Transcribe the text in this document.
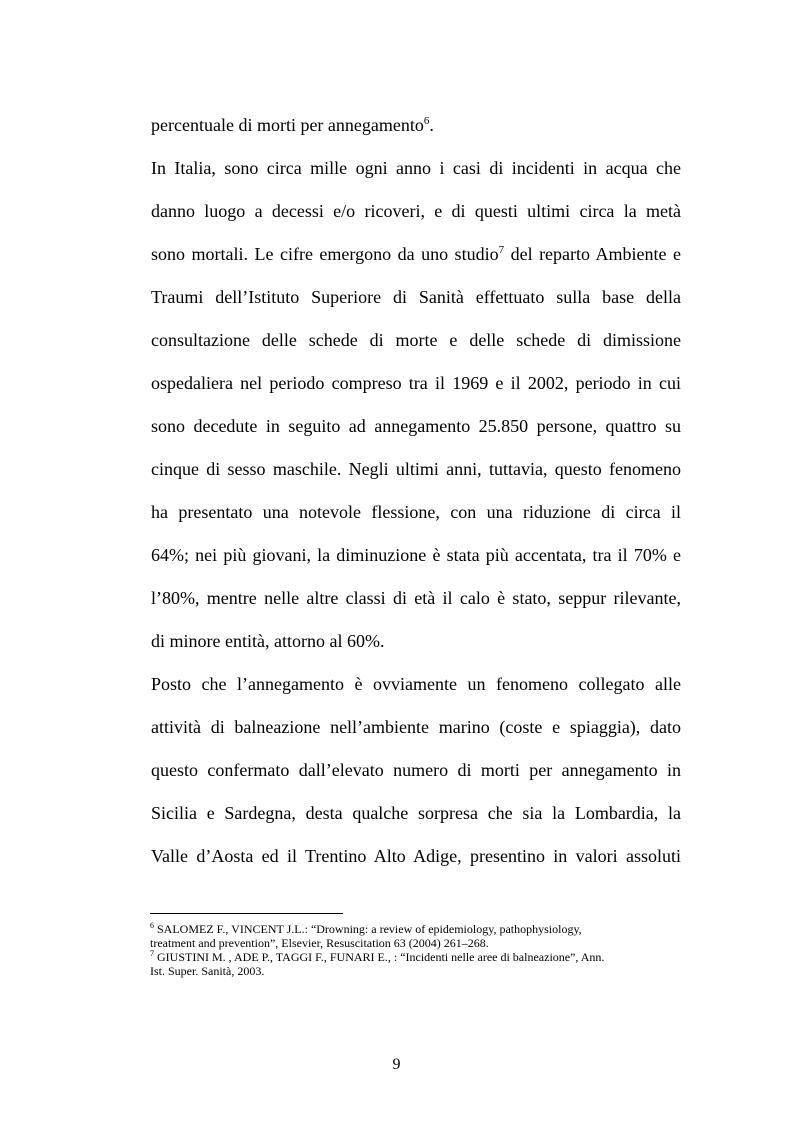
percentuale di morti per annegamento$^6$.
In Italia, sono circa mille ogni anno i casi di incidenti in acqua che
danno luogo a decessi e/o ricoveri, e di questi ultimi circa la metà
sono mortali. Le cifre emergono da uno studio$^7$ del reparto Ambiente e
Traumi dell’Istituto Superiore di Sanità effettuato sulla base della
consultazione delle schede di morte e delle schede di dimissione
ospedaliera nel periodo compreso tra il 1969 e il 2002, periodo in cui
sono decedute in seguito ad annegamento 25.850 persone, quattro su
cinque di sesso maschile. Negli ultimi anni, tuttavia, questo fenomeno
ha presentato una notevole flessione, con una riduzione di circa il
64%; nei più giovani, la diminuzione è stata più accentata, tra il 70% e
l’80%, mentre nelle altre classi di età il calo è stato, seppur rilevante,
di minore entità, attorno al 60%.
Posto che l’annegamento è ovviamente un fenomeno collegato alle
attività di balneazione nell’ambiente marino (coste e spiaggia), dato
questo confermato dall’elevato numero di morti per annegamento in
Sicilia e Sardegna, desta qualche sorpresa che sia la Lombardia, la
Valle d’Aosta ed il Trentino Alto Adige, presentino in valori assoluti
$^6$ SALOMEZ F., VINCENT J.L.: “Drowning: a review of epidemiology, pathophysiology,
treatment and prevention”, Elsevier, Resuscitation 63 (2004) 261–268.
$^7$ GIUSTINI M. , ADE P., TAGGI F., FUNARI E., : “Incidenti nelle aree di balneazione”, Ann.
Ist. Super. Sanità, 2003.
9
